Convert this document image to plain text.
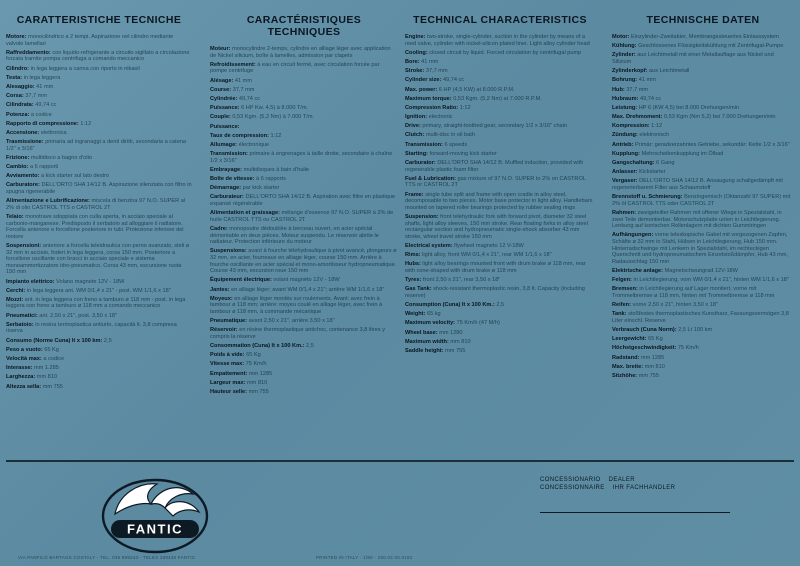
CARATTERISTICHE TECNICHE
Motore: monocilindrico a 2 tempi. Aspirazione nel cilindro mediante valvole lamellari
Raffreddamento: con liquido-refrigerante a circuito sigillato a circolazione forzata tramite pompa centrifuga a comando meccanico
Cilindro: in lega leggera a canna con riporto in nikasil
Testa: in lega leggera
Alesaggio: 41 mm
Corsa: 37,7 mm
Cilindrata: 49,74 cc
Potenza: a codice
Rapporto di compressione: 1:12
Accensione: elettronica
Trasmissione: primaria ad ingranaggi a denti diritti, secondaria a catena 1/2" x 3/16"
Frizione: multidisco a bagno d'olio
Cambio: a 6 rapporti
Avviamento: a kick starter sul lato destro
Carburatore: DELL'ORTO SHA 14/12 B. Aspirazione silenziata con filtro in spugna rigenerabile
Alimentazione e Lubrificazione: miscela di benzina 97 N.O. SUPER al 2% di olio CASTROL TTS o CASTROL 2T
Telaio: monotrave sdoppiata con culla aperta, in acciaio speciale al carbonio-manganese. Predisposto il serbatoio ad alloggiare il radiatore. Forcella anteriore e forcellone posteriore in tubi. Protezione inferiore del motore
Sospensioni: anteriore a forcella teleidraulica con perno avanzato, steli ø 32 mm in acciaio, foderi in lega leggera, corsa 150 mm. Posteriore a forcellone oscillante con bracci in acciaio speciale e sistema monoammortizzatore idro-pneumatico. Corsa 43 mm, escursione ruota 150 mm
Impianto elettrico: Volano magnete 12V - 18W
Cerchi: in lega leggera ant. WM 0/1,4 x 21" - post. WM 1/1,6 x 18"
Mozzi: ant. in lega leggera con freno a tamburo ø 118 mm - post. in lega leggera con freno a tamburo ø 118 mm a comando meccanico
Pneumatici: ant. 2,50 x 21", post. 3,50 x 18"
Serbatoio: in resina termoplastica antiurto, capacità lt. 3,8 compresa riserva
Consumo (Norme Cuna) lt x 100 km: 2,5
Peso a vuoto: 65 Kg
Velocità max: a codice
Interasse: mm 1.285
Larghezza: mm 810
Altezza sella: mm 755
CARACTÉRISTIQUES TECHNIQUES
Moteur: monocylindre 2-temps, cylindre en alliage léger avec application de Nickel silicium, boîte à lamelles, admission par clapets
Refroidissement: à eau en circuit fermé, avec circulation forcée par pompe centrifuge
Alésage: 41 mm
Course: 37,7 mm
Cylindrée: 49,74 cc
Puissance: 6 HP Kw. 4,5) à 8.000 T/m.
Couple: 0,53 Kgm. (5,2 Nm) à 7.000 T/m.
Puissance:
Taux de compression: 1:12
Allumage: électronique
Transmission: primaire à engrenages à taille droite, secondaire à chaîne 1/2 x 3/16"
Embrayage: multidisques à bain d'huile
Boîte de vitesse: à 6 rapports
Démarrage: par kick starter
Carburateur: DELL'ORTO SHA 14/12 B. Aspiration avec filtre en plastique expansé régénérable
Alimentation et graissage: mélange d'essence 97 N.O. SUPER à 2% de huile CASTROL TTS ou CASTROL 2T
Cadre: monopoutre dédoublée à berceau ouvert, en acier spécial démontable en deux pièces. Moteur suspendu. Le réservoir abrite le radiateur. Protection inférieure du moteur
Suspensions: avant à fourche télehydraulique à pivot avancé, plongeurs ø 32 mm, en acier, fourreaux en alliage léger, course 150 mm. Arrière à fourche oscillante en acier spécial et mono-amortisseur hydropneumatique. Course 43 mm, excursion roue 150 mm
Équipement électrique: volant magnéto 12V - 18W
Jantes: en alliage léger; avant WM 0/1,4 x 21"; arrière WM 1/1,6 x 18"
Moyeux: en alliage léger montés sur roulements. Avant: avec frein à tambour ø 118 mm; arrière: moyeu coulé en alliage léger, avec frein à tambour ø 118 mm, à commande mécanique
Pneumatique: avant 2,50 x 21", arrière 3,50 x 18"
Réservoir: en résine thermoplastique antichoc, contenance 3,8 litres y compris la réserve
Consommation (Cuna) lt x 100 Km.: 2,5
Poids à vide: 65 Kg
Vitesse max: 75 Km/h
Empattement: mm 1285
Largeur max: mm 810
Hauteur selle: mm 755
TECHNICAL CHARACTERISTICS
Engine: two-stroke, single-cylinder, suction in the cylinder by means of a reed valve, cylinder with nickel-silicon plated liner. Light alloy cylinder head
Cooling: closed circuit by liquid. Forced circulation by centrifugal pump
Bore: 41 mm
Stroke: 37,7 mm
Cylinder size: 49,74 cc
Max. power: 6 HP (4,5 KW) at 8.000 R.P.M.
Maximum torque: 0,53 Kgm. (5,2 Nm) at 7.000 R.P.M.
Compression Ratio: 1:12
Ignition: electronic
Drive: primary, straight-toothed gear, secondary 1/2 x 3/16" chain
Clutch: multi-disc in oil bath
Transmission: 6 speeds
Starting: forward-moving kick starter
Carburator: DELL'ORTO SHA 14/12 B. Muffled induction, provided with regenerable plastic foam filter
Fuel & Lubrication: gas mixture of 97 N.O. SUPER to 2% on CASTROL TTS or CASTROL 2T
Frame: single tube split and frame with open cradle in alloy steel, decomposable to two pieces. Motor base protector in light alloy. Handlebars mounted on tapered roller bearings protected by rubber sealing rings
Suspension: front telehydraulic fork with forward pivot, diameter 32 steel shafts, light alloy sleeves, 150 mm stroke. Rear floating forks in alloy steel rectangular section and hydropneumatic single-shock absorber 43 mm stroke, wheel travel stroke 150 mm
Electrical system: flywheel magneto 12 V-18W
Rims: light alloy, front WM 0/1,4 x 21", rear WM 1/1,6 x 18"
Hubs: light alloy bearings mounted front with drum brake ø 118 mm, rear with cone-shaped with drum brake ø 118 mm
Tyres: front 2,50 x 21", rear 3,50 x 18"
Gas Tank: shock-resistant thermoplastic resin, 3,8 lt. Capacity (including reserve)
Consumption (Cuna) lt x 100 Km.: 2,5
Weight: 65 kg
Maximum velocity: 75 Km/h (47 M/h)
Wheel base: mm 1280
Maximum width: mm 810
Saddle height: mm 755
TECHNISCHE DATEN
Motor: Einzylinder-Zweitakter, Membrangesteuertes Einlasssystem
Kühlung: Geschlossenes Flüssigkeitskühlung mit Zentrifugal-Pumpe
Zylinder: aus Leichtmetall mit einer Metallauflage aus Nickel und Silizium
Zylinderkopf: aus Leichtmetall
Bohrung: 41 mm
Hub: 37,7 mm
Hubraum: 49,74 cc
Leistung: HP 6 (KW 4,5) bei 8.000 Drehungen/min
Max. Drehmoment: 0,53 Kgm (Nm 5,2) bei 7.000 Drehungen/min
Kompression: 1:12
Zündung: elektronisch
Antrieb: Primär: geradverzahntes Getriebe, sekundär: Kette 1/2 x 3/16"
Kupplung: Mehrscheibenkupplung im Ölbad
Gangschaltung: 6 Gang
Anlasser: Kickstarter
Vergaser: DELL'ORTO SHA 14/12 B. Ansaugung schallgedämpft mit regenerierbarem Filter aus Schaumstoff
Brennstoff u. Schmierung: Benzingemisch (Oktanzahl 97 SUPER) mit 2% öl CASTROL TTS oder CASTROL 2T
Rahmen: zweigeteilter Rahmen mit offener Wiege in Spezialstahl, in zwei Teile demontierbar. Motorschutzplatte unten in Leichtlegierung. Lenkung auf konischen Rollenlagern mit dichten Gummiringen
Aufhängungen: vorne teleskopische Gabel mit vorgezogenen Zapfen, Schäfte ø 32 mm in Stahl, Hülsen in Leichtlegierung, Hub 150 mm. Hinterradschwinge mit Lenkern in Spezialstahl, im rechteckigen Querschnitt und hydropneumatischem Einzelstoßdämpfer, Hub 43 mm, Radausschlag 150 mm
Elektrische anlage: Magnetschwungrad 12V-18W
Felgen: in Leichtlegierung, vorn WM 0/1,4 x 21", hinten WM 1/1,6 x 18"
Bremsen: in Leichtlegierung auf Lager montiert, vorne mit Trommelbremse ø 118 mm, hinten mit Trommelbremse ø 118 mm
Reifen: vorne 2,50 x 21", hinten 3,50 x 18"
Tank: stoßfestes thermoplastisches Kunstharz, Fassungsvermögen 3,8 Liter einschl. Reserve
Verbrauch (Cuna Norm): 2,5 Lt 100 km
Leergewicht: 65 Kg
Höchstgeschwindigkeit: 75 Km/h
Radstand: mm 1285
Max. breite: mm 810
Sitzhöhe: mm 755
FANTIC
CONCESSIONARIO DEALER
CONCESSIONNAIRE IHR FACHHANDLER
VIA PANFILO BARTAGS COSTALY - TEL. 039 999243 · TELEX 330440 FANTIC	PRINTED IN ITALY · 1/80 · 250.02.00.0182
